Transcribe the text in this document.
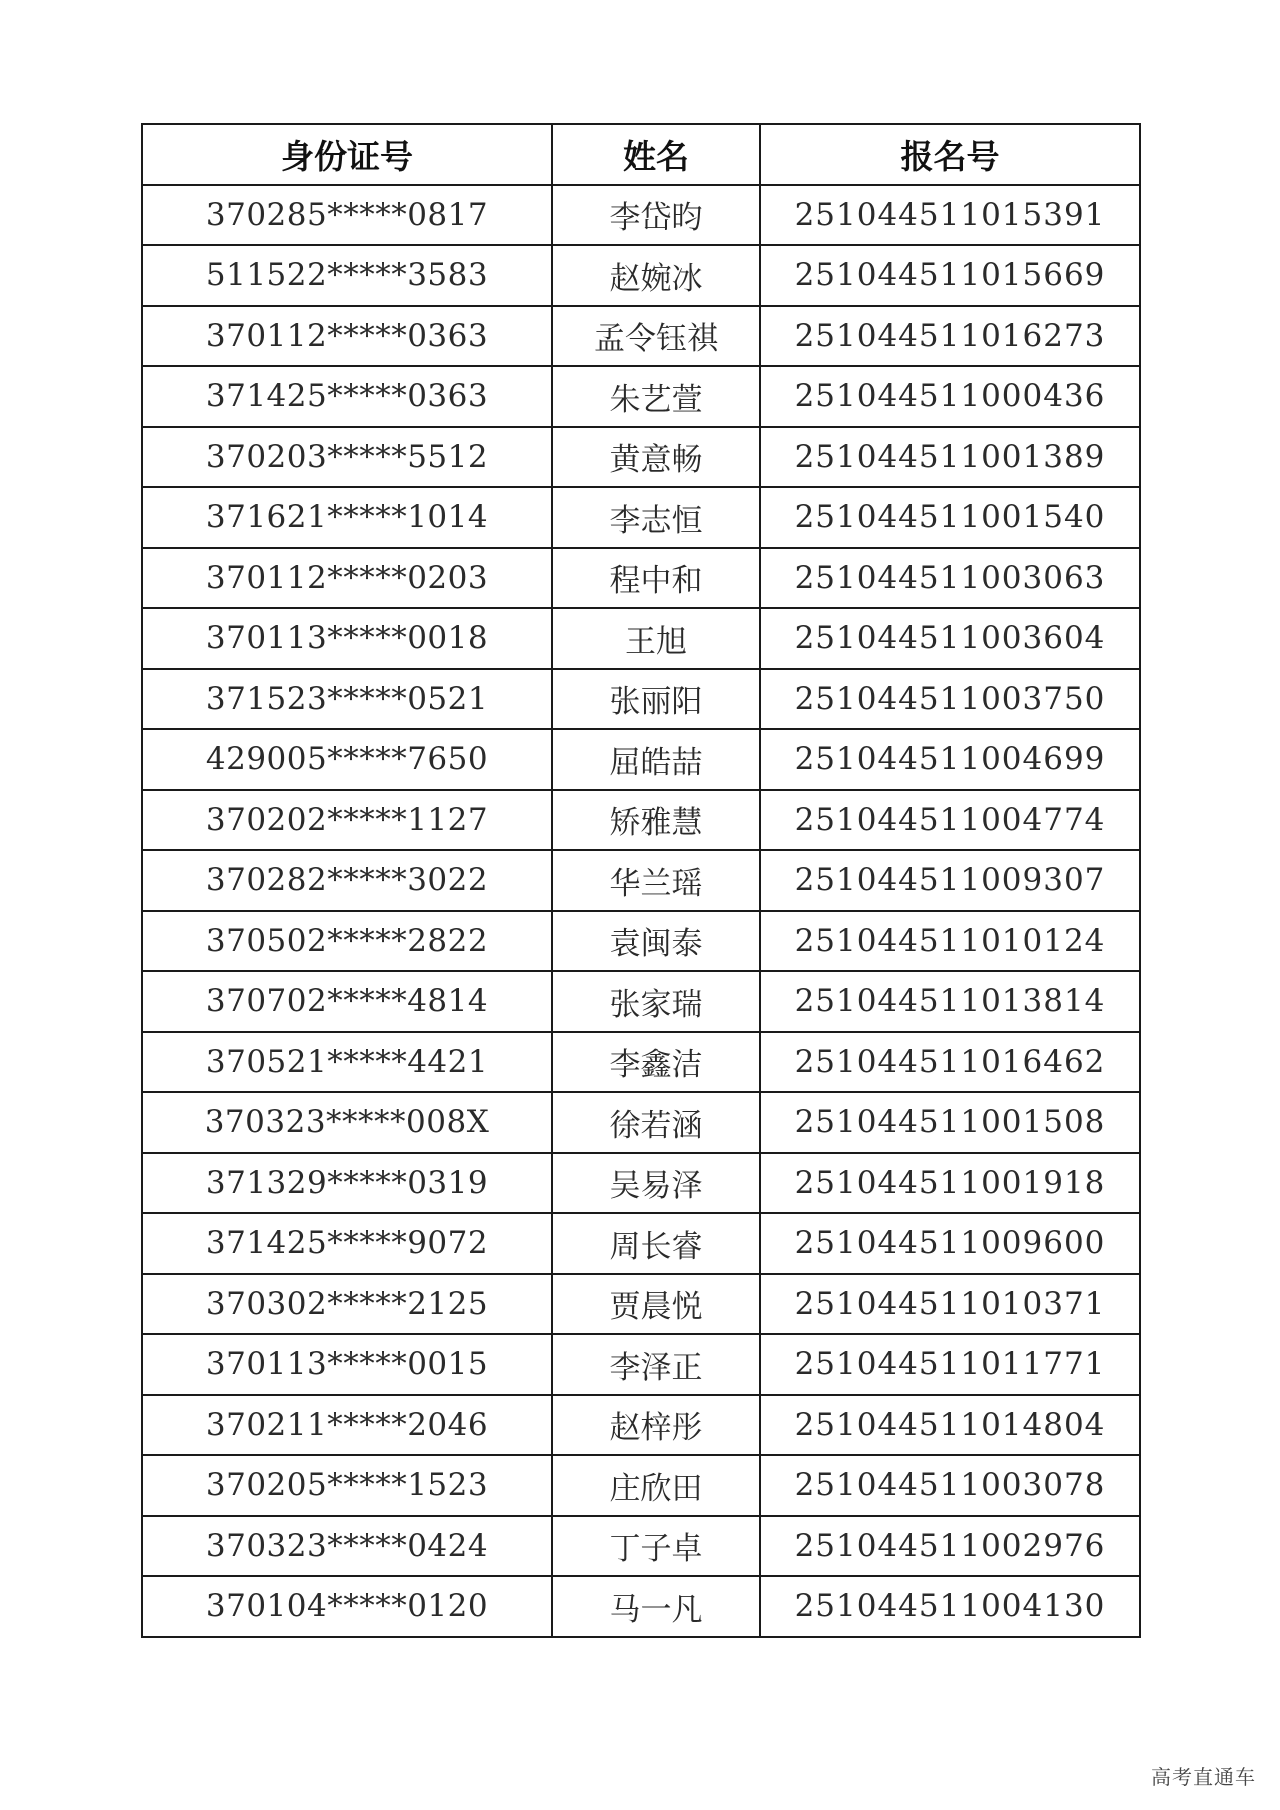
身份证号	姓名	报名号
370285*****0817	李岱昀	251044511015391
511522*****3583	赵婉冰	251044511015669
370112*****0363	孟令钰祺	251044511016273
371425*****0363	朱艺萱	251044511000436
370203*****5512	黄意畅	251044511001389
371621*****1014	李志恒	251044511001540
370112*****0203	程中和	251044511003063
370113*****0018	王旭	251044511003604
371523*****0521	张丽阳	251044511003750
429005*****7650	屈皓喆	251044511004699
370202*****1127	矫雅慧	251044511004774
370282*****3022	华兰瑶	251044511009307
370502*****2822	袁闽泰	251044511010124
370702*****4814	张家瑞	251044511013814
370521*****4421	李鑫洁	251044511016462
370323*****008X	徐若涵	251044511001508
371329*****0319	吴易泽	251044511001918
371425*****9072	周长睿	251044511009600
370302*****2125	贾晨悦	251044511010371
370113*****0015	李泽正	251044511011771
370211*****2046	赵梓彤	251044511014804
370205*****1523	庄欣田	251044511003078
370323*****0424	丁子卓	251044511002976
370104*****0120	马一凡	251044511004130
高考直通车
